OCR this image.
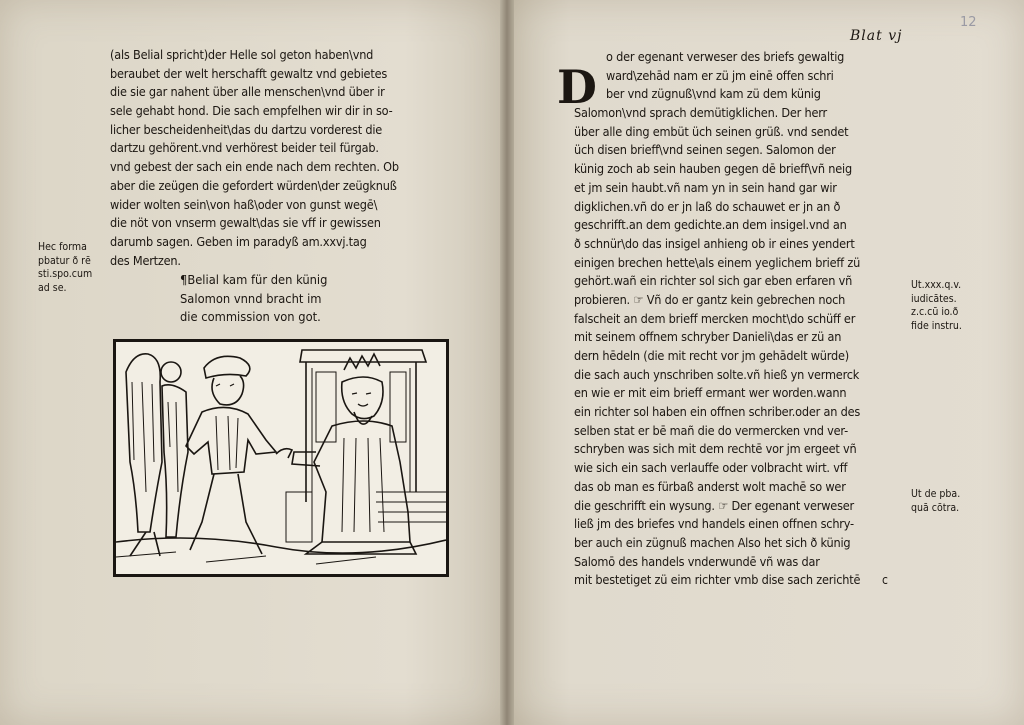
(als Belial spricht)der Helle sol geton haben\vnd
beraubet der welt herschafft gewaltz vnd gebietes
die sie gar nahent über alle menschen\vnd über ir
sele gehabt hond. Die sach empfelhen wir dir in so-
licher bescheidenheit\das du dartzu vorderest die
dartzu gehörent.vnd verhörest beider teil fürgab.
vnd gebest der sach ein ende nach dem rechten. Ob
aber die zeügen die gefordert würden\der zeügknuß
wider wolten sein\von haß\oder von gunst wegē\
die nöt von vnserm gewalt\das sie vff ir gewissen
darumb sagen. Geben im paradyß am.xxvj.tag
des Mertzen.
Hec forma
pbatur ð rē
sti.spo.cum
ad se.	¶Belial kam für den künig
Salomon vnnd bracht im
die commission von got.
Blat vj
12
D
o der egenant verweser des briefs gewaltig
ward\zehād nam er zü jm einē offen schri
ber vnd zügnuß\vnd kam zü dem künig
Salomon\vnd sprach demütigklichen. Der herr
über alle ding embüt üch seinen grüß. vnd sendet
üch disen brieff\vnd seinen segen. Salomon der
künig zoch ab sein hauben gegen dē brieff\vñ neig
et jm sein haubt.vñ nam yn in sein hand gar wir
digklichen.vñ do er jn laß do schauwet er jn an ð
geschrifft.an dem gedichte.an dem insigel.vnd an
ð schnür\do das insigel anhieng ob ir eines yendert
einigen brechen hette\als einem yeglichem brieff zü
gehört.wañ ein richter sol sich gar eben erfaren vñ
probieren. ☞ Vñ do er gantz kein gebrechen noch
falscheit an dem brieff mercken mocht\do schüff er
mit seinem offnem schryber Danieli\das er zü an
dern hēdeln (die mit recht vor jm gehādelt würde)
die sach auch ynschriben solte.vñ hieß yn vermerck
en wie er mit eim brieff ermant wer worden.wann
ein richter sol haben ein offnen schriber.oder an des
selben stat er bē mañ die do vermercken vnd ver-
schryben was sich mit dem rechtē vor jm ergeet vñ
wie sich ein sach verlauffe oder volbracht wirt. vff
das ob man es fürbaß anderst wolt machē so wer
die geschrifft ein wysung. ☞ Der egenant verweser
ließ jm des briefes vnd handels einen offnen schry-
ber auch ein zügnuß machen Also het sich ð künig
Salomō des handels vnderwundē vñ was dar
mit bestetiget zü eim richter vmb dise sach zerichtē
Ut.xxx.q.v.
iudicātes.
z.c.cū io.ð
fide instru.
Ut de pba.
quā cōtra.
c
